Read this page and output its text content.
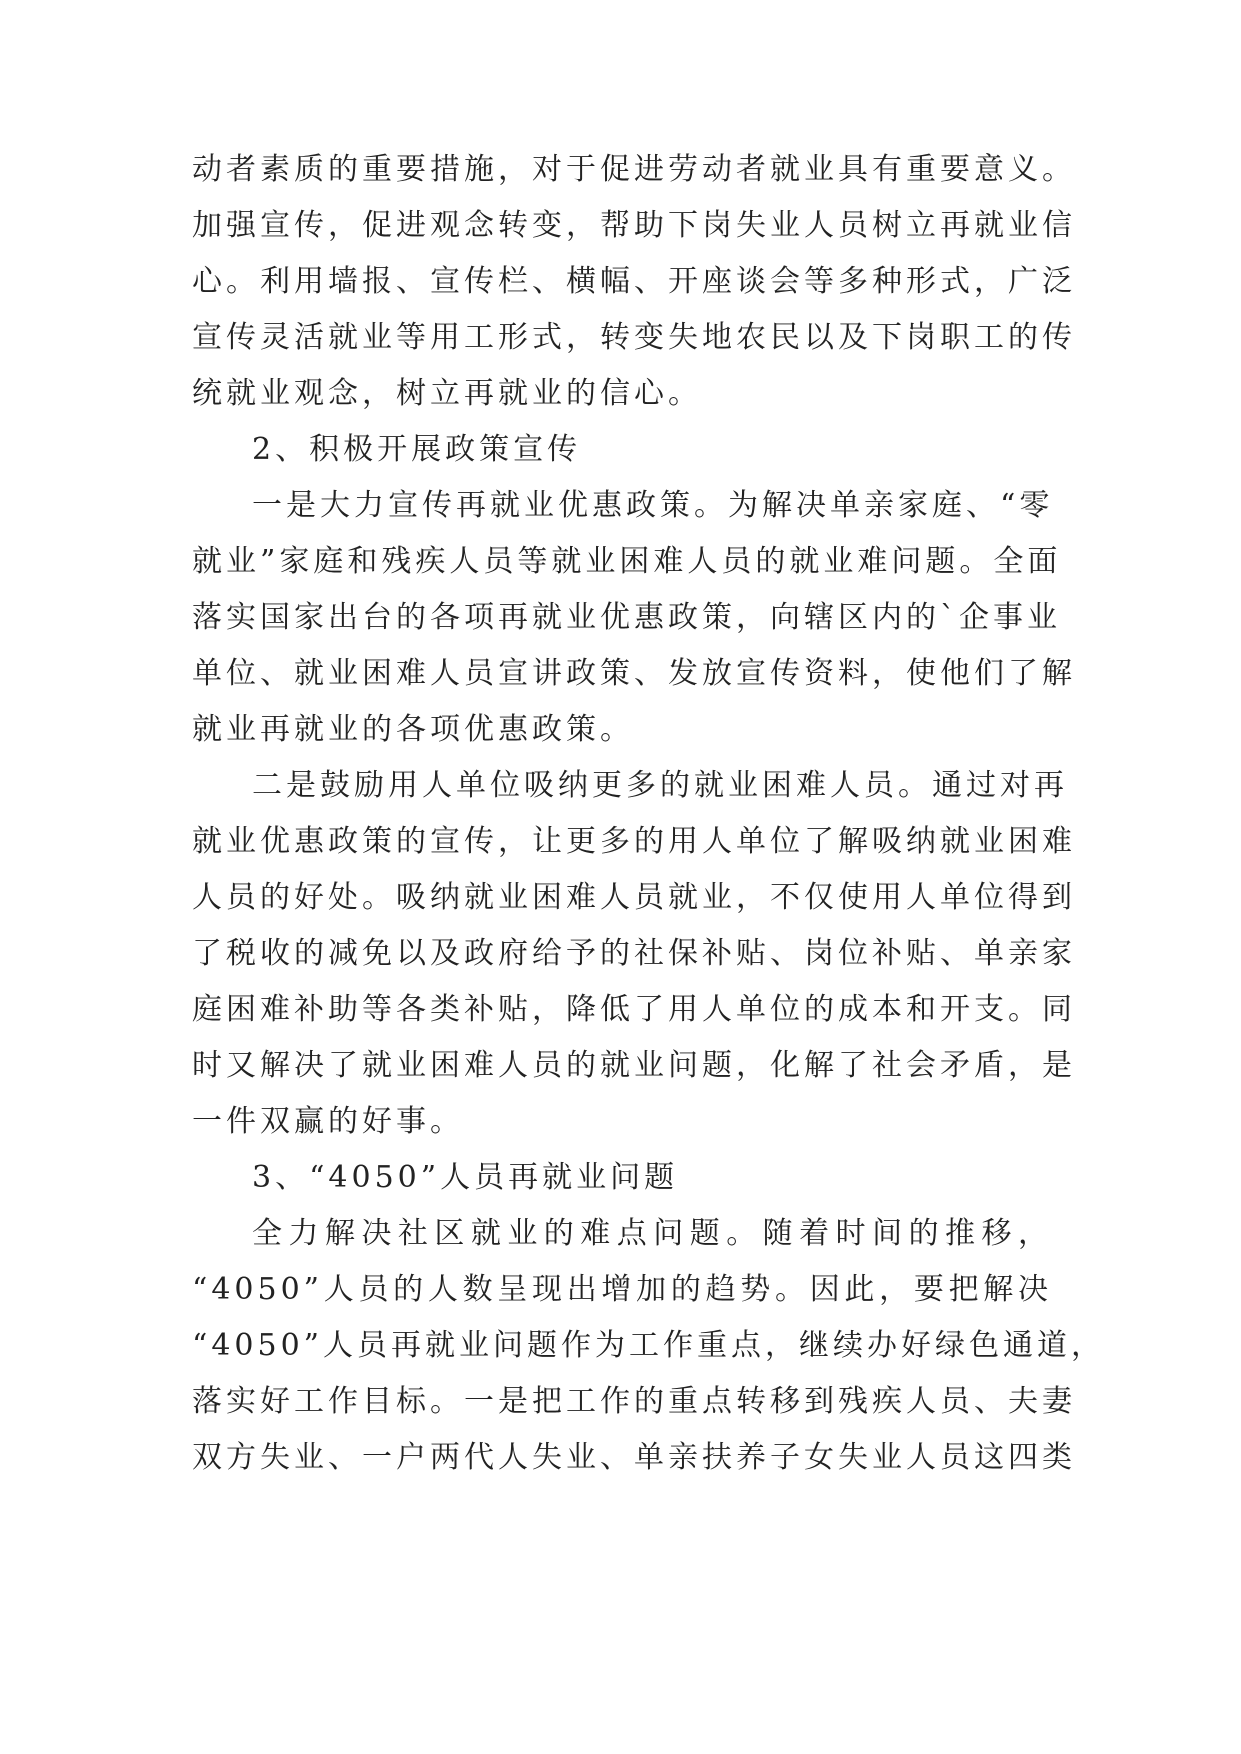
动者素质的重要措施，对于促进劳动者就业具有重要意义。
加强宣传，促进观念转变，帮助下岗失业人员树立再就业信
心。利用墙报、宣传栏、横幅、开座谈会等多种形式，广泛
宣传灵活就业等用工形式，转变失地农民以及下岗职工的传
统就业观念，树立再就业的信心。
2、积极开展政策宣传
一是大力宣传再就业优惠政策。为解决单亲家庭、“零
就业”家庭和残疾人员等就业困难人员的就业难问题。全面
落实国家出台的各项再就业优惠政策，向辖区内的`企事业
单位、就业困难人员宣讲政策、发放宣传资料，使他们了解
就业再就业的各项优惠政策。
二是鼓励用人单位吸纳更多的就业困难人员。通过对再
就业优惠政策的宣传，让更多的用人单位了解吸纳就业困难
人员的好处。吸纳就业困难人员就业，不仅使用人单位得到
了税收的减免以及政府给予的社保补贴、岗位补贴、单亲家
庭困难补助等各类补贴，降低了用人单位的成本和开支。同
时又解决了就业困难人员的就业问题，化解了社会矛盾，是
一件双赢的好事。
3、“4050”人员再就业问题
全力解决社区就业的难点问题。随着时间的推移，
“4050”人员的人数呈现出增加的趋势。因此，要把解决
“4050”人员再就业问题作为工作重点，继续办好绿色通道，
落实好工作目标。一是把工作的重点转移到残疾人员、夫妻
双方失业、一户两代人失业、单亲扶养子女失业人员这四类
